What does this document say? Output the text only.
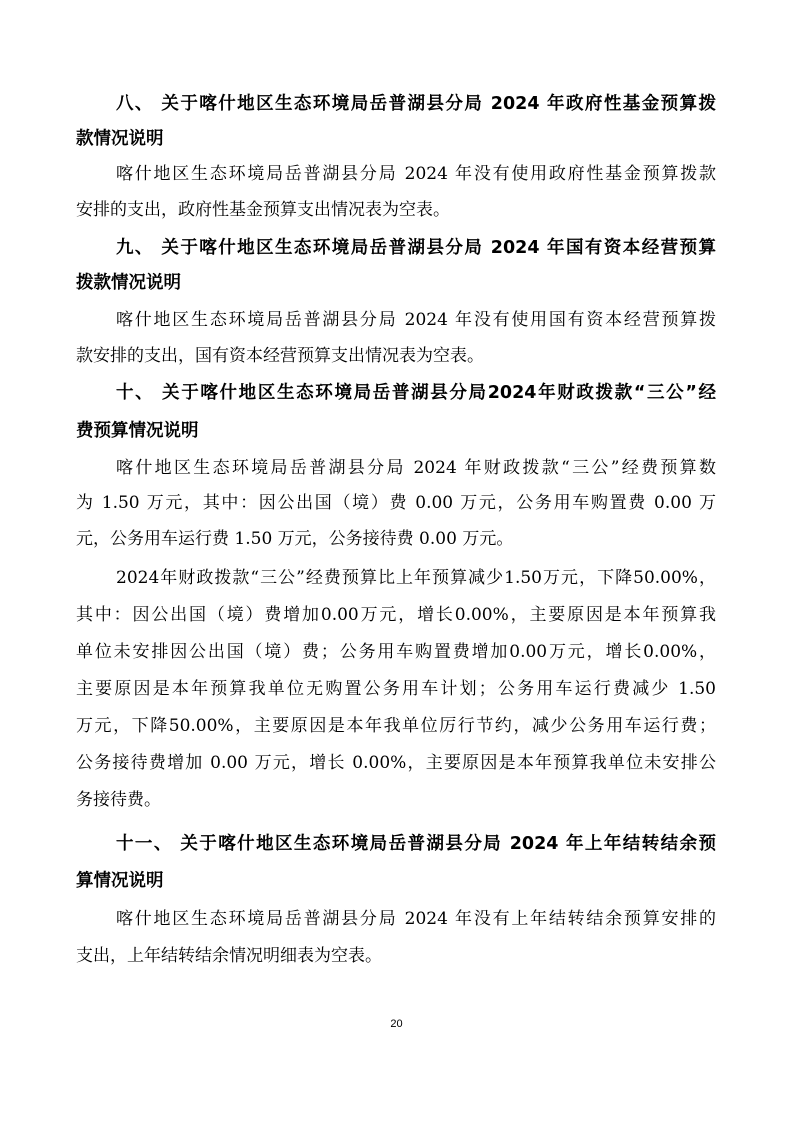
八、 关于喀什地区生态环境局岳普湖县分局 2024 年政府性基金预算拨
款情况说明
喀什地区生态环境局岳普湖县分局 2024 年没有使用政府性基金预算拨款
安排的支出，政府性基金预算支出情况表为空表。
九、 关于喀什地区生态环境局岳普湖县分局 2024 年国有资本经营预算
拨款情况说明
喀什地区生态环境局岳普湖县分局 2024 年没有使用国有资本经营预算拨
款安排的支出，国有资本经营预算支出情况表为空表。
十、 关于喀什地区生态环境局岳普湖县分局2024年财政拨款“三公”经
费预算情况说明
喀什地区生态环境局岳普湖县分局 2024 年财政拨款“三公”经费预算数
为 1.50 万元，其中：因公出国（境）费 0.00 万元，公务用车购置费 0.00 万
元，公务用车运行费 1.50 万元，公务接待费 0.00 万元。
2024年财政拨款“三公”经费预算比上年预算减少1.50万元，下降50.00%，
其中：因公出国（境）费增加0.00万元，增长0.00%，主要原因是本年预算我
单位未安排因公出国（境）费；公务用车购置费增加0.00万元，增长0.00%，
主要原因是本年预算我单位无购置公务用车计划；公务用车运行费减少 1.50
万元，下降50.00%，主要原因是本年我单位厉行节约，减少公务用车运行费；
公务接待费增加 0.00 万元，增长 0.00%，主要原因是本年预算我单位未安排公
务接待费。
十一、 关于喀什地区生态环境局岳普湖县分局 2024 年上年结转结余预
算情况说明
喀什地区生态环境局岳普湖县分局 2024 年没有上年结转结余预算安排的
支出，上年结转结余情况明细表为空表。
20
